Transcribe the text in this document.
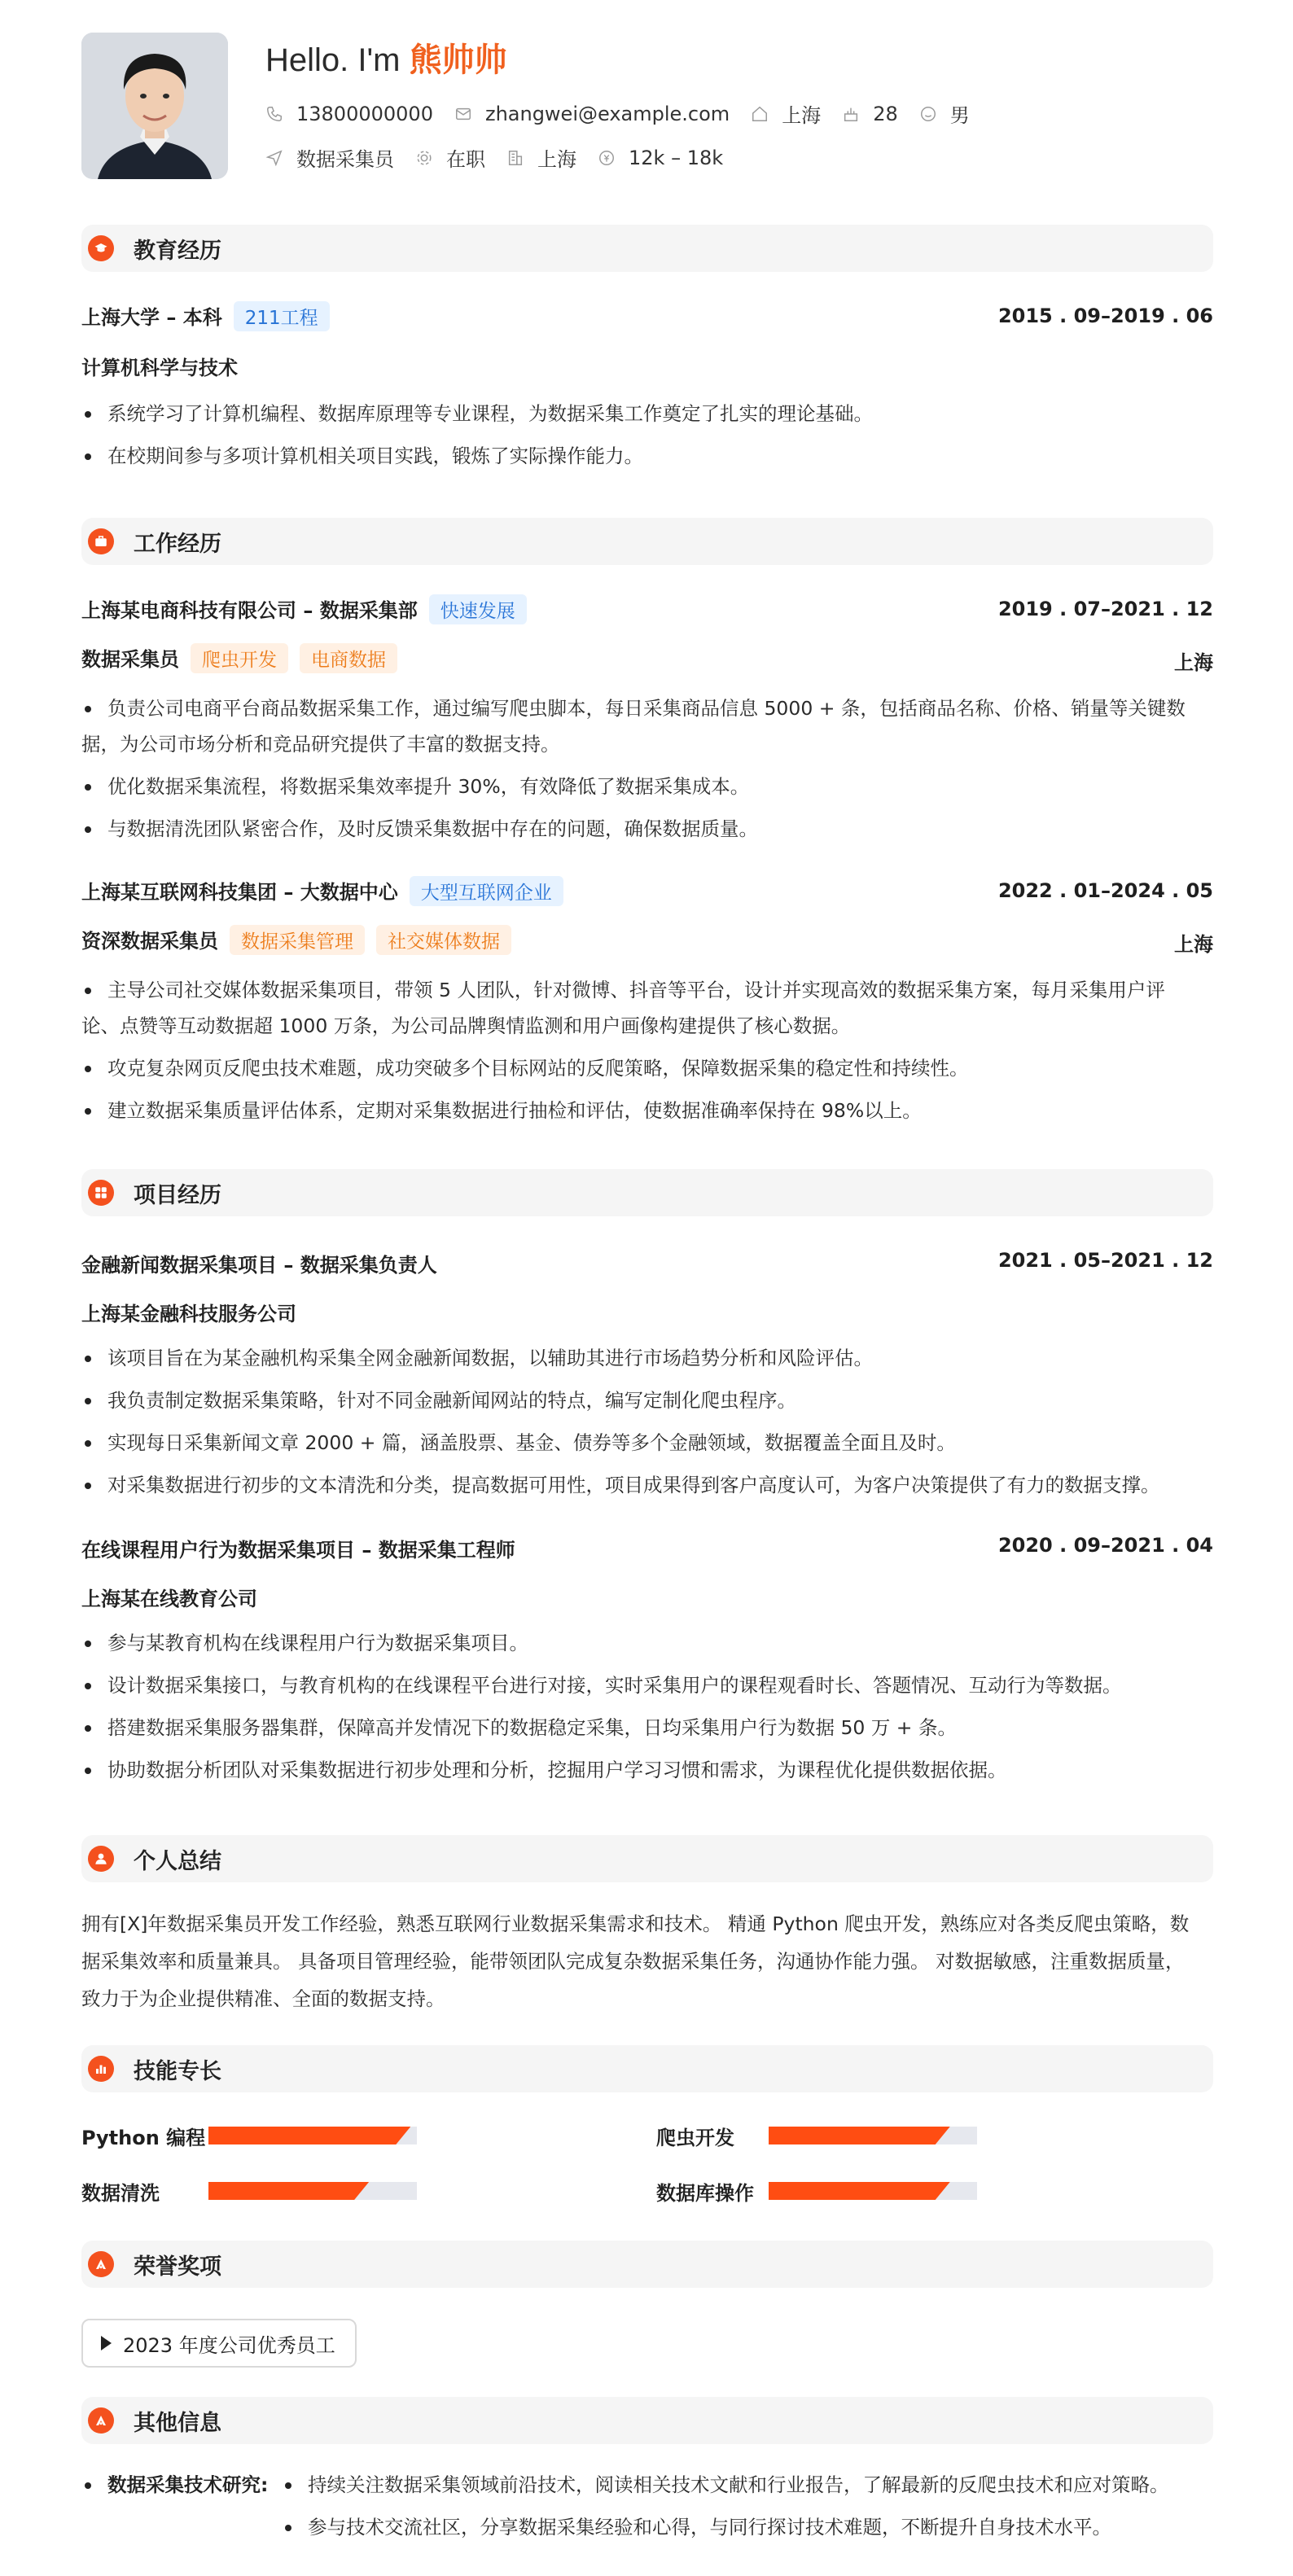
Hello. I'm 熊帅帅
13800000000	zhangwei@example.com	上海	28	男
数据采集员	在职	上海	12k – 18k
教育经历
上海大学 – 本科 211工程	2015 . 09–2019 . 06
计算机科学与技术
系统学习了计算机编程、数据库原理等专业课程，为数据采集工作奠定了扎实的理论基础。
在校期间参与多项计算机相关项目实践，锻炼了实际操作能力。
工作经历
上海某电商科技有限公司 – 数据采集部 快速发展	2019 . 07–2021 . 12
数据采集员 爬虫开发 电商数据	上海
负责公司电商平台商品数据采集工作，通过编写爬虫脚本，每日采集商品信息 5000 + 条，包括商品名称、价格、销量等关键数
据，为公司市场分析和竞品研究提供了丰富的数据支持。
优化数据采集流程，将数据采集效率提升 30%，有效降低了数据采集成本。
与数据清洗团队紧密合作，及时反馈采集数据中存在的问题，确保数据质量。
上海某互联网科技集团 – 大数据中心 大型互联网企业	2022 . 01–2024 . 05
资深数据采集员 数据采集管理 社交媒体数据	上海
主导公司社交媒体数据采集项目，带领 5 人团队，针对微博、抖音等平台，设计并实现高效的数据采集方案，每月采集用户评
论、点赞等互动数据超 1000 万条，为公司品牌舆情监测和用户画像构建提供了核心数据。
攻克复杂网页反爬虫技术难题，成功突破多个目标网站的反爬策略，保障数据采集的稳定性和持续性。
建立数据采集质量评估体系，定期对采集数据进行抽检和评估，使数据准确率保持在 98%以上。
项目经历
金融新闻数据采集项目 – 数据采集负责人	2021 . 05–2021 . 12
上海某金融科技服务公司
该项目旨在为某金融机构采集全网金融新闻数据，以辅助其进行市场趋势分析和风险评估。
我负责制定数据采集策略，针对不同金融新闻网站的特点，编写定制化爬虫程序。
实现每日采集新闻文章 2000 + 篇，涵盖股票、基金、债券等多个金融领域，数据覆盖全面且及时。
对采集数据进行初步的文本清洗和分类，提高数据可用性，项目成果得到客户高度认可，为客户决策提供了有力的数据支撑。
在线课程用户行为数据采集项目 – 数据采集工程师	2020 . 09–2021 . 04
上海某在线教育公司
参与某教育机构在线课程用户行为数据采集项目。
设计数据采集接口，与教育机构的在线课程平台进行对接，实时采集用户的课程观看时长、答题情况、互动行为等数据。
搭建数据采集服务器集群，保障高并发情况下的数据稳定采集，日均采集用户行为数据 50 万 + 条。
协助数据分析团队对采集数据进行初步处理和分析，挖掘用户学习习惯和需求，为课程优化提供数据依据。
个人总结
拥有[X]年数据采集员开发工作经验，熟悉互联网行业数据采集需求和技术。 精通 Python 爬虫开发，熟练应对各类反爬虫策略，数
据采集效率和质量兼具。 具备项目管理经验，能带领团队完成复杂数据采集任务，沟通协作能力强。 对数据敏感，注重数据质量，
致力于为企业提供精准、全面的数据支持。
技能专长
Python 编程	爬虫开发
数据清洗	数据库操作
荣誉奖项
2023 年度公司优秀员工
其他信息
数据采集技术研究:	持续关注数据采集领域前沿技术，阅读相关技术文献和行业报告，了解最新的反爬虫技术和应对策略。
参与技术交流社区，分享数据采集经验和心得，与同行探讨技术难题，不断提升自身技术水平。
